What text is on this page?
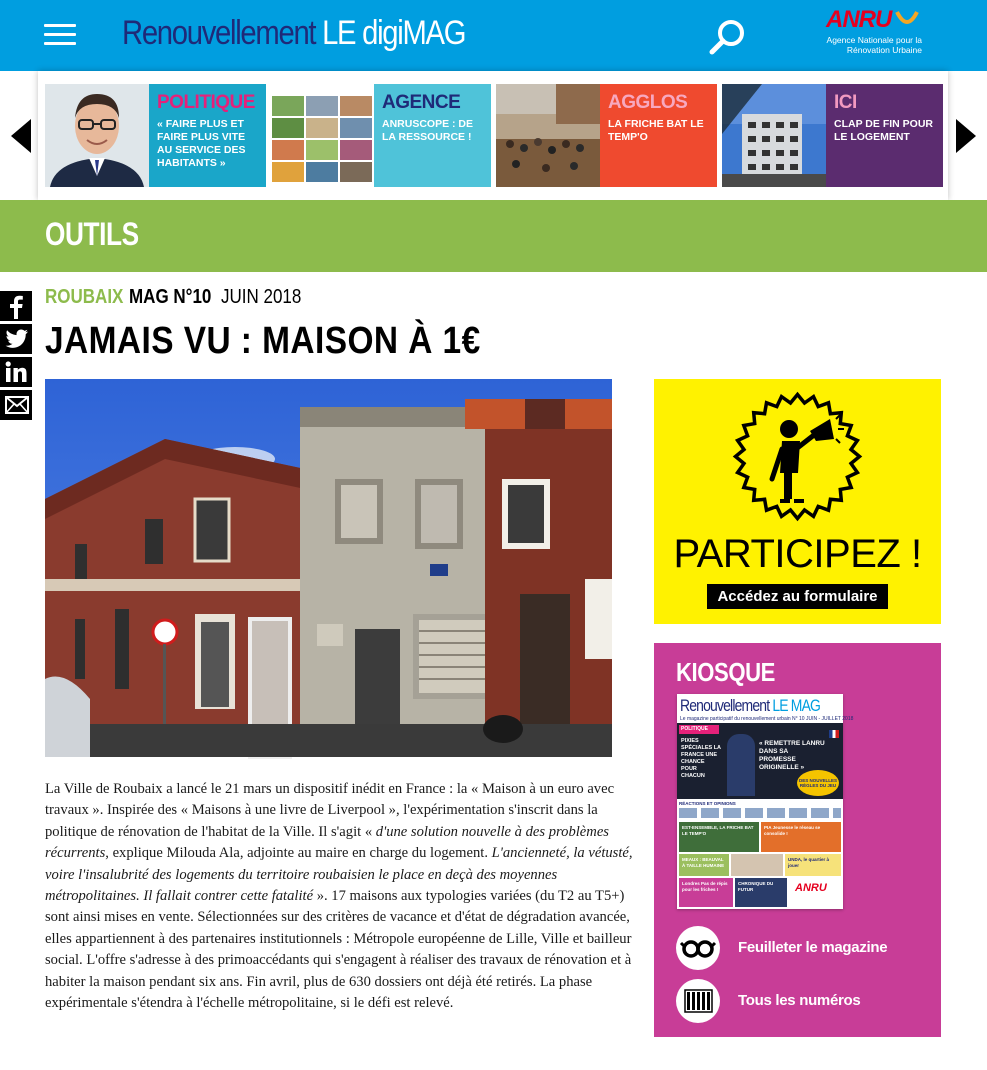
Renouvellement LE digiMAG	ANRU
Agence Nationale pour la Rénovation Urbaine
POLITIQUE
« FAIRE PLUS ET FAIRE PLUS VITE AU SERVICE DES HABITANTS »
AGENCE
ANRUSCOPE : DE LA RESSOURCE !
AGGLOS
LA FRICHE BAT LE TEMP'O
ICI
CLAP DE FIN POUR LE LOGEMENT
OUTILS
ROUBAIX MAG N°10 JUIN 2018
JAMAIS VU : MAISON À 1€
La Ville de Roubaix a lancé le 21 mars un dispositif inédit en France : la « Maison à un euro avec travaux ». Inspirée des « Maisons à une livre de Liverpool », l'expérimentation s'inscrit dans la politique de rénovation de l'habitat de la Ville. Il s'agit « d'une solution nouvelle à des problèmes récurrents, explique Milouda Ala, adjointe au maire en charge du logement. L'ancienneté, la vétusté, voire l'insalubrité des logements du territoire roubaisien le place en deçà des moyennes métropolitaines. Il fallait contrer cette fatalité ». 17 maisons aux typologies variées (du T2 au T5+) sont ainsi mises en vente. Sélectionnées sur des critères de vacance et d'état de dégradation avancée, elles appartiennent à des partenaires institutionnels : Métropole européenne de Lille, Ville et bailleur social. L'offre s'adresse à des primoaccédants qui s'engagent à réaliser des travaux de rénovation et à habiter la maison pendant six ans. Fin avril, plus de 630 dossiers ont déjà été retirés. La phase expérimentale s'étendra à l'échelle métropolitaine, si le défi est relevé.
PARTICIPEZ !
Accédez au formulaire
KIOSQUE
Renouvellement LE MAG
Le magazine participatif du renouvellement urbain N° 10 JUIN - JUILLET 2018
POLITIQUE
PIXIES SPÉCIALES LA FRANCE UNE CHANCE POUR CHACUN
« REMETTRE LANRU DANS SA PROMESSE ORIGINELLE »
DES NOUVELLES RÈGLES DU JEU
RÉACTIONS ET OPINIONS
EST-ENSEMBLE, LA FRICHE BAT LE TEMP'O
PIA Jeunesse le réseau se consolide !
MEAUX : BEAUVAL À TAILLE HUMAINE
UNDA, le quartier à jouer
Londres Pas de répis pour les friches !
CHRONIQUE DU FUTUR	ANRU
Feuilleter le magazine
Tous les numéros
